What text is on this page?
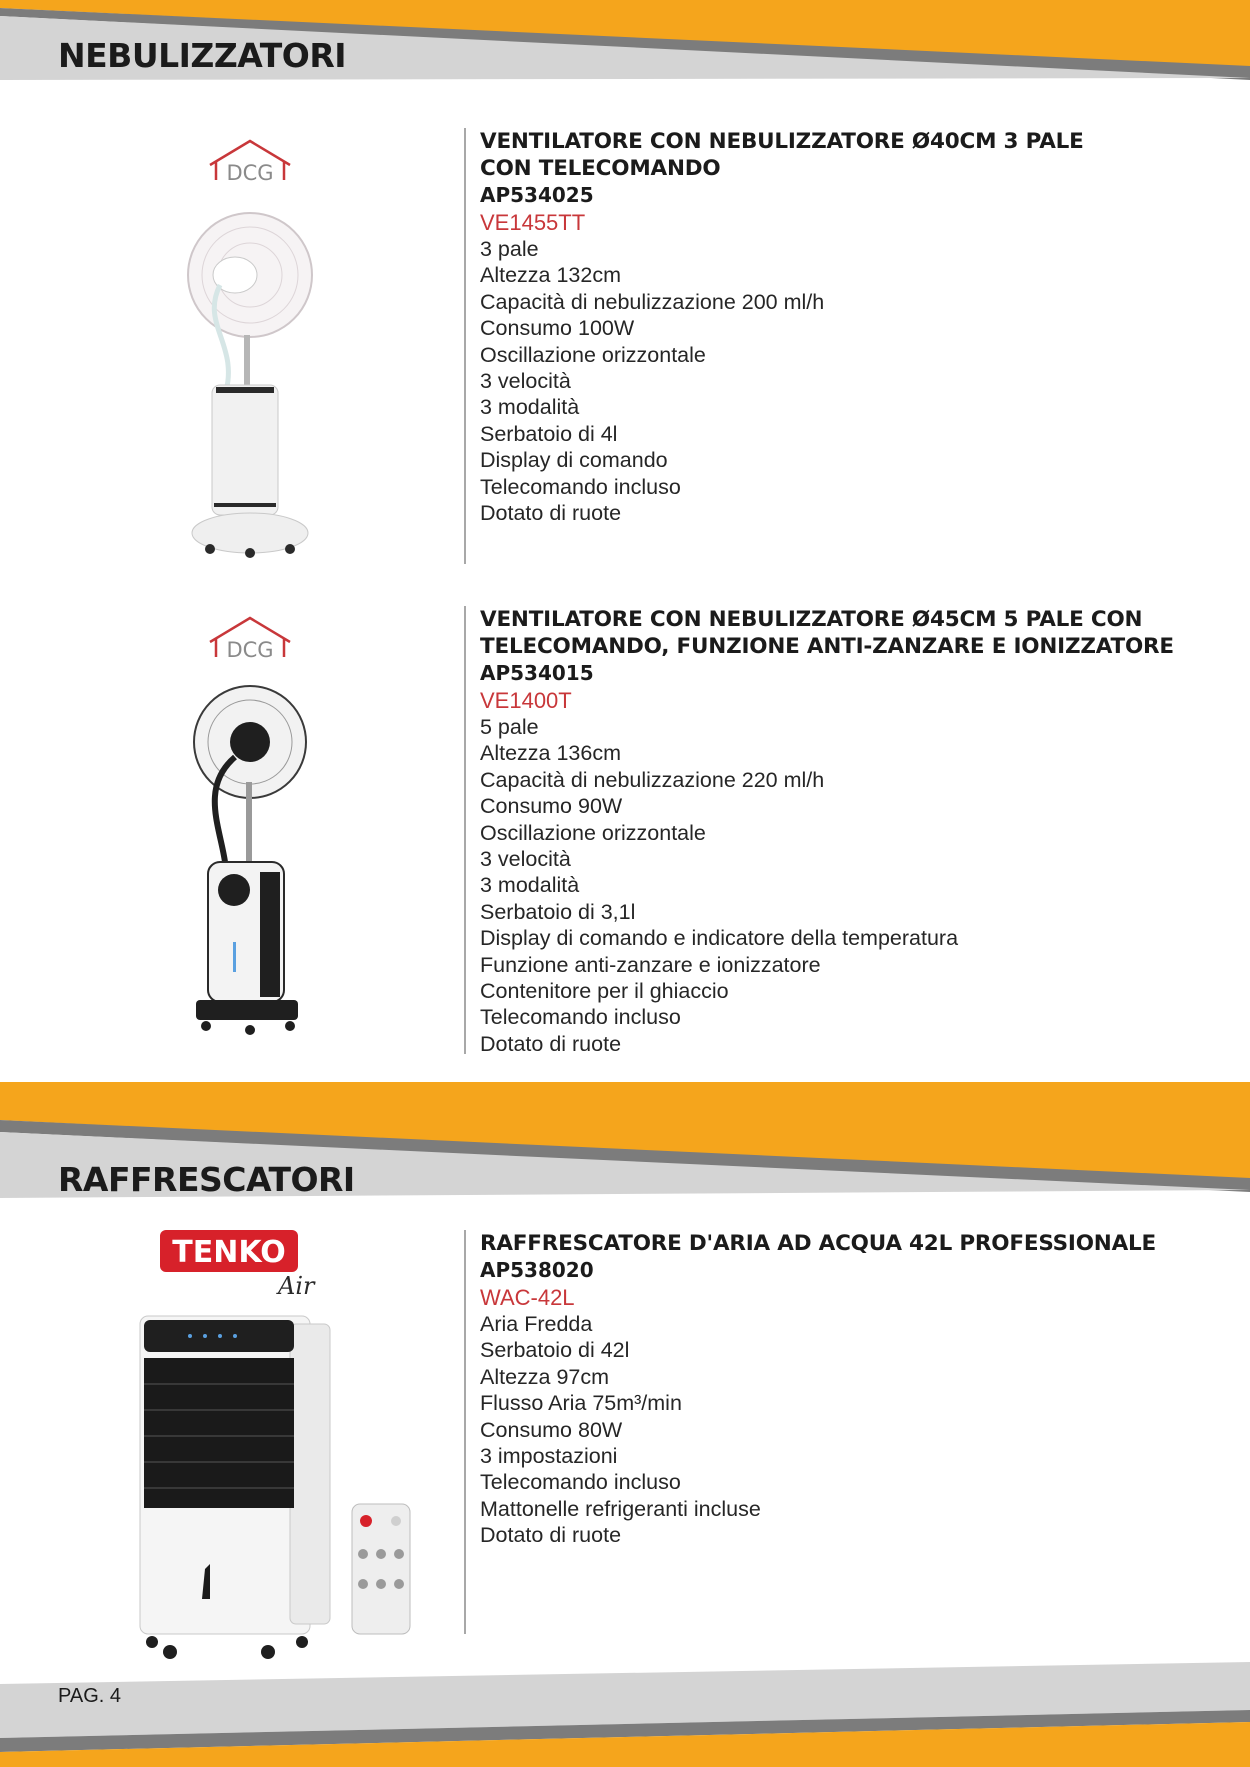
NEBULIZZATORI
DCG
VENTILATORE CON NEBULIZZATORE Ø40CM 3 PALE
CON TELECOMANDO
AP534025
VE1455TT
3 pale
Altezza 132cm
Capacità di nebulizzazione 200 ml/h
Consumo 100W
Oscillazione orizzontale
3 velocità
3 modalità
Serbatoio di 4l
Display di comando
Telecomando incluso
Dotato di ruote
DCG
VENTILATORE CON NEBULIZZATORE Ø45CM 5 PALE CON
TELECOMANDO, FUNZIONE ANTI-ZANZARE E IONIZZATORE
AP534015
VE1400T
5 pale
Altezza 136cm
Capacità di nebulizzazione 220 ml/h
Consumo 90W
Oscillazione orizzontale
3 velocità
3 modalità
Serbatoio di 3,1l
Display di comando e indicatore della temperatura
Funzione anti-zanzare e ionizzatore
Contenitore per il ghiaccio
Telecomando incluso
Dotato di ruote
RAFFRESCATORI
TENKO
Air
RAFFRESCATORE D'ARIA AD ACQUA 42L PROFESSIONALE
AP538020
WAC-42L
Aria Fredda
Serbatoio di 42l
Altezza 97cm
Flusso Aria 75m³/min
Consumo 80W
3 impostazioni
Telecomando incluso
Mattonelle refrigeranti incluse
Dotato di ruote
PAG. 4
